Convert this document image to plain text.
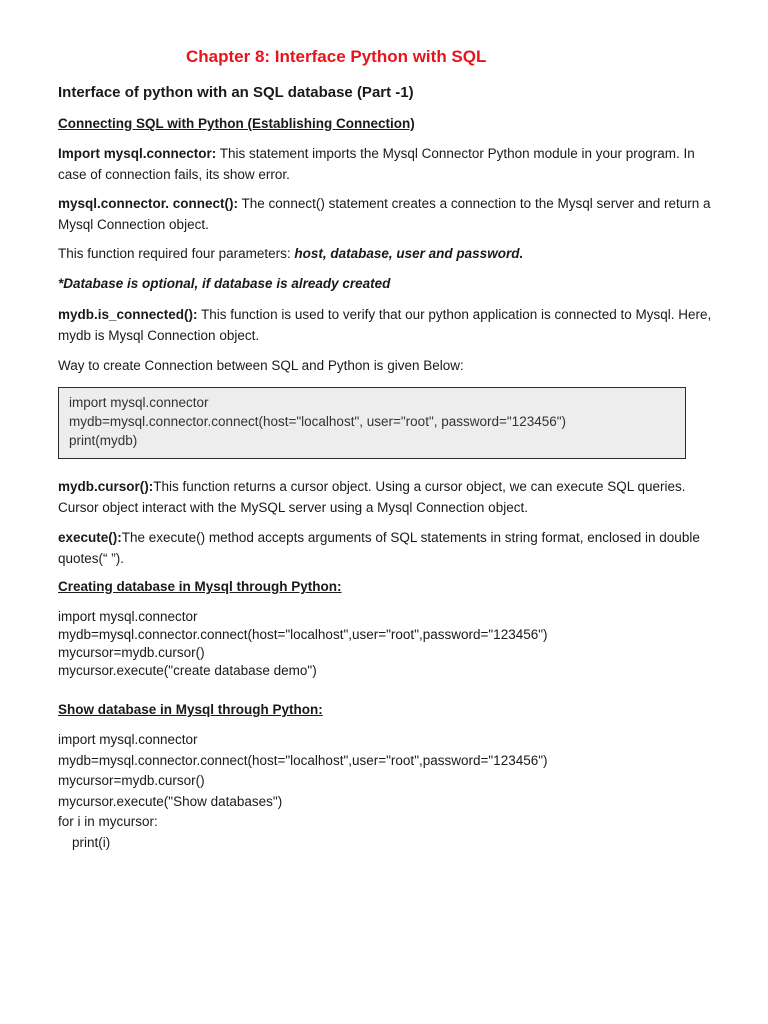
Chapter 8: Interface Python with SQL
Interface of python with an SQL database (Part -1)
Connecting SQL with Python (Establishing Connection)
Import mysql.connector: This statement imports the Mysql Connector Python module in your program. In case of connection fails, its show error.
mysql.connector. connect(): The connect() statement creates a connection to the Mysql server and return a Mysql Connection object.
This function required four parameters: host, database, user and password.
*Database is optional, if database is already created
mydb.is_connected(): This function is used to verify that our python application is connected to Mysql. Here, mydb is Mysql Connection object.
Way to create Connection between SQL and Python is given Below:
import mysql.connector
mydb=mysql.connector.connect(host="localhost", user="root", password="123456")
print(mydb)
mydb.cursor():This function returns a cursor object. Using a cursor object, we can execute SQL queries. Cursor object interact with the MySQL server using a Mysql Connection object.
execute():The execute() method accepts arguments of SQL statements in string format, enclosed in double quotes(“ ”).
Creating database in Mysql through Python:
import mysql.connector
mydb=mysql.connector.connect(host="localhost",user="root",password="123456")
mycursor=mydb.cursor()
mycursor.execute("create database demo")
Show database in Mysql through Python:
import mysql.connector
mydb=mysql.connector.connect(host="localhost",user="root",password="123456")
mycursor=mydb.cursor()
mycursor.execute("Show databases")
for i in mycursor:
print(i)
